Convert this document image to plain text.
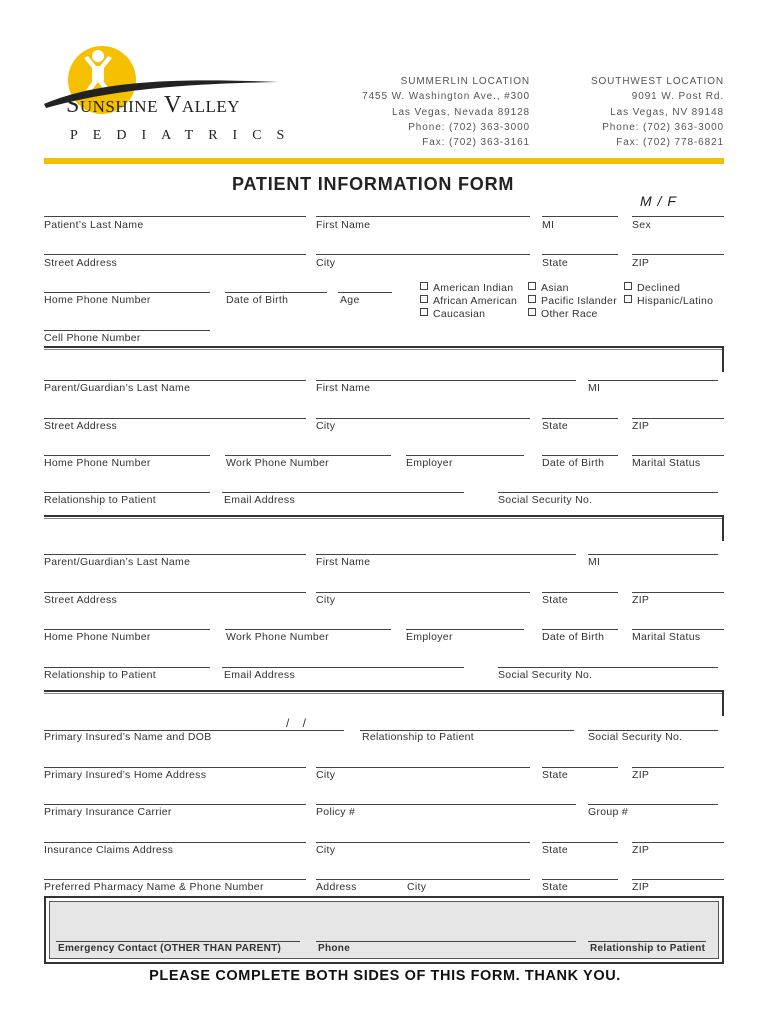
Sunshine Valley
PEDIATRICS
SUMMERLIN LOCATION
7455 W. Washington Ave., #300
Las Vegas, Nevada 89128
Phone: (702) 363-3000
Fax: (702) 363-3161
SOUTHWEST LOCATION
9091 W. Post Rd.
Las Vegas, NV 89148
Phone: (702) 363-3000
Fax: (702) 778-6821
PATIENT INFORMATION FORM
M / F
Patient’s Last Name	First Name	MI	Sex
Street Address	City	State	ZIP
Home Phone Number	Date of Birth	Age
American Indian	Asian	Declined
African American	Pacific Islander	Hispanic/Latino
Caucasian	Other Race
Cell Phone Number
Parent/Guardian’s Last Name	First Name	MI
Street Address	City	State	ZIP
Home Phone Number	Work Phone Number	Employer	Date of Birth	Marital Status
Relationship to Patient	Email Address	Social Security No.
Parent/Guardian’s Last Name	First Name	MI
Street Address	City	State	ZIP
Home Phone Number	Work Phone Number	Employer	Date of Birth	Marital Status
Relationship to Patient	Email Address	Social Security No.
/    /
Primary Insured’s Name and DOB	Relationship to Patient	Social Security No.
Primary Insured’s Home Address	City	State	ZIP
Primary Insurance Carrier	Policy #	Group #
Insurance Claims Address	City	State	ZIP
Preferred Pharmacy Name & Phone Number	Address	City	State	ZIP
Emergency Contact (OTHER THAN PARENT)	Phone	Relationship to Patient
PLEASE COMPLETE BOTH SIDES OF THIS FORM. THANK YOU.
